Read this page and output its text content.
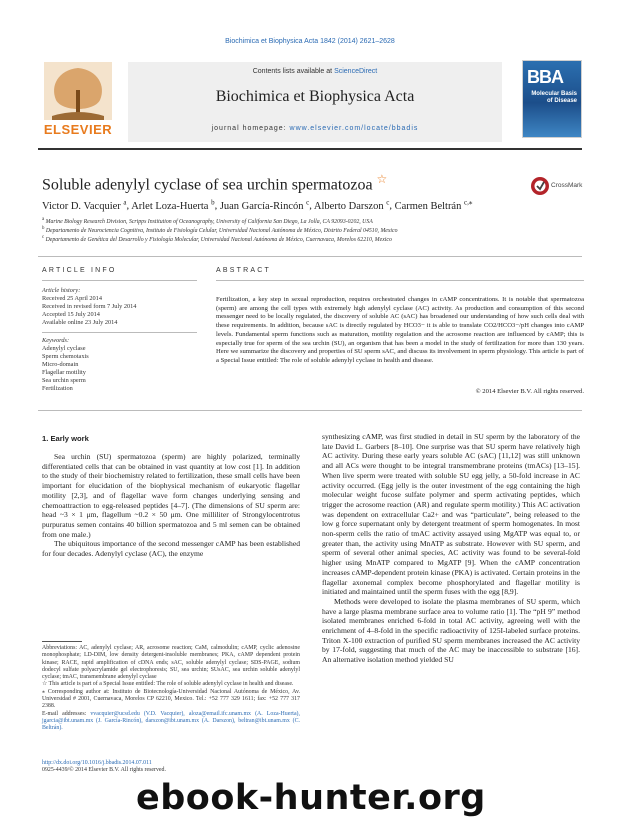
Biochimica et Biophysica Acta 1842 (2014) 2621–2628
ELSEVIER
Contents lists available at ScienceDirect
Biochimica et Biophysica Acta
journal homepage: www.elsevier.com/locate/bbadis
BBA
Molecular Basis of Disease
Soluble adenylyl cyclase of sea urchin spermatozoa ☆	CrossMark
Victor D. Vacquier $^a$, Arlet Loza-Huerta $^b$, Juan García-Rincón $^c$, Alberto Darszon $^c$, Carmen Beltrán $^{c,⁎}$
$^a$ Marine Biology Research Division, Scripps Institution of Oceanography, University of California San Diego, La Jolla, CA 92093-0202, USA
$^b$ Departamento de Neurociencia Cognitiva, Instituto de Fisiología Celular, Universidad Nacional Autónoma de México, Distrito Federal 04510, Mexico
$^c$ Departamento de Genética del Desarrollo y Fisiología Molecular, Universidad Nacional Autónoma de México, Cuernavaca, Morelos 62210, Mexico
ARTICLE INFO
Article history:
Received 25 April 2014
Received in revised form 7 July 2014
Accepted 15 July 2014
Available online 23 July 2014
Keywords:
Adenylyl cyclase
Sperm chemotaxis
Micro-domain
Flagellar motility
Sea urchin sperm
Fertilization
ABSTRACT
Fertilization, a key step in sexual reproduction, requires orchestrated changes in cAMP concentrations. It is notable that spermatozoa (sperm) are among the cell types with extremely high adenylyl cyclase (AC) activity. As production and consumption of this second messenger need to be locally regulated, the discovery of soluble AC (sAC) has broadened our understanding of how such cells deal with these requirements. In addition, because sAC is directly regulated by HCO3− it is able to translate CO2/HCO3−/pH changes into cAMP levels. Fundamental sperm functions such as maturation, motility regulation and the acrosome reaction are influenced by cAMP; this is especially true for sperm of the sea urchin (SU), an organism that has been a model in the study of fertilization for more than 130 years. Here we summarize the discovery and properties of SU sperm sAC, and discuss its involvement in sperm physiology. This article is part of a Special Issue entitled: The role of soluble adenylyl cyclase in health and disease.
© 2014 Elsevier B.V. All rights reserved.
1. Early work

Sea urchin (SU) spermatozoa (sperm) are highly polarized, terminally differentiated cells that can be obtained in vast quantity at low cost [1]. In addition to the study of their biochemistry related to fertilization, these small cells have been important for elucidation of the biophysical mechanism of eukaryotic flagellar motility [2,3], and of flagellar wave form changes underlying sensing and chemoattraction to egg-released peptides [4–7]. (The dimensions of SU sperm are: head ~3 × 1 μm, flagellum ~0.2 × 50 μm. One milliliter of Strongylocentrotus purpuratus semen contains 40 billion spermatozoa and 5 ml semen can be obtained from one male.)

The ubiquitous importance of the second messenger cAMP has been established for four decades. Adenylyl cyclase (AC), the enzyme

synthesizing cAMP, was first studied in detail in SU sperm by the laboratory of the late David L. Garbers [8–10]. One surprise was that SU sperm have relatively high AC activity. During these early years soluble AC (sAC) [11,12] was still unknown and all ACs were thought to be integral transmembrane proteins (tmACs) [13–15]. When live sperm were treated with soluble SU egg jelly, a 50-fold increase in AC activity occurred. (Egg jelly is the outer investment of the egg containing the high molecular weight fucose sulfate polymer and sperm activating peptides, which trigger the acrosome reaction (AR) and regulate sperm motility.) This AC activation was dependent on extracellular Ca2+ and was “particulate”, being released to the low g force supernatant only by detergent treatment of sperm homogenates. In most non-sperm cells the ratio of tmAC activity assayed using MgATP was equal to, or greater than, the activity using MnATP as substrate. However with SU sperm, and sperm of several other animal species, AC activity was found to be several-fold higher using MnATP compared to MgATP [9]. When the cAMP concentration increases cAMP-dependent protein kinase (PKA) is activated. Certain proteins in the flagellar axonemal complex become phosphorylated and flagellar motility is initiated and maintained until the sperm fuses with the egg [8,9].

Methods were developed to isolate the plasma membranes of SU sperm, which have a large plasma membrane surface area to volume ratio [1]. The “pH 9” method isolated membranes enriched 6-fold in total AC activity, agreeing well with the enrichment of 4–8-fold in the specific radioactivity of 125I-labeled surface proteins. Triton X-100 extraction of purified SU sperm membranes increased the AC activity by 17-fold, suggesting that much of the AC may be inaccessible to substrate [16]. An alternative isolation method yielded SU

Abbreviations: AC, adenylyl cyclase; AR, acrosome reaction; CaM, calmodulin; cAMP, cyclic adenosine monophosphate; LD-DIM, low density detergent-insoluble membranes; PKA, cAMP dependent protein kinase; RACE, rapid amplification of cDNA ends; sAC, soluble adenylyl cyclase; SDS-PAGE, sodium dodecyl sulfate polyacrylamide gel electrophoresis; SU, sea urchin; SUsAC, sea urchin soluble adenylyl cyclase; tmAC, transmembrane adenylyl cyclase

☆ This article is part of a Special Issue entitled: The role of soluble adenylyl cyclase in health and disease.

⁎ Corresponding author at: Instituto de Biotecnología-Universidad Nacional Autónoma de México, Av. Universidad # 2001, Cuernavaca, Morelos CP 62210, Mexico. Tel.: +52 777 329 1611; fax: +52 777 317 2388.

E-mail addresses: vvacquier@ucsd.edu (V.D. Vacquier), aloza@email.ifc.unam.mx (A. Loza-Huerta), jgarcia@ibt.unam.mx (J. García-Rincón), darszon@ibt.unam.mx (A. Darszon), beltran@ibt.unam.mx (C. Beltrán).

http://dx.doi.org/10.1016/j.bbadis.2014.07.011
0925-4439/© 2014 Elsevier B.V. All rights reserved.
ebook-hunter.org
